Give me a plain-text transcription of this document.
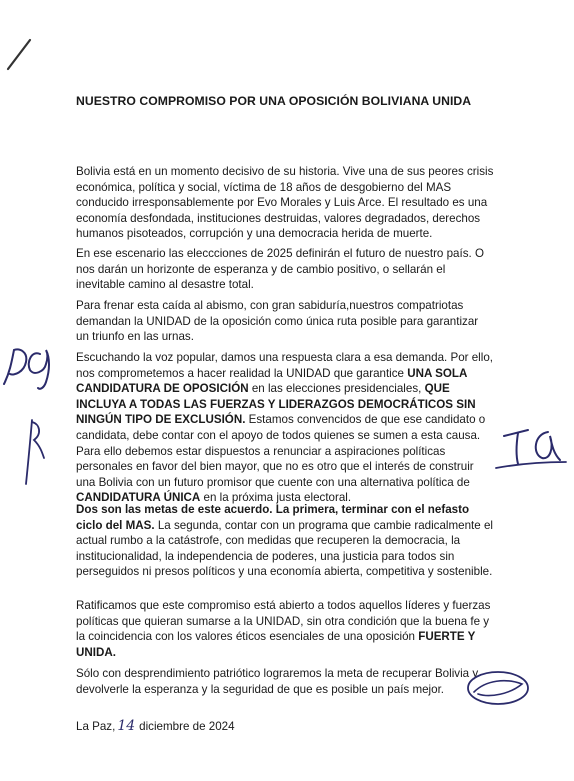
NUESTRO COMPROMISO POR UNA OPOSICIÓN BOLIVIANA UNIDA

Bolivia está en un momento decisivo de su historia. Vive una de sus peores crisis económica, política y social, víctima de 18 años de desgobierno del MAS conducido irresponsablemente por Evo Morales y Luis Arce. El resultado es una economía desfondada, instituciones destruidas, valores degradados, derechos humanos pisoteados, corrupción y una democracia herida de muerte.

En ese escenario las eleccciones de 2025 definirán el futuro de nuestro país. O nos darán un horizonte de esperanza y de cambio positivo, o sellarán el inevitable camino al desastre total.

Para frenar esta caída al abismo, con gran sabiduría,nuestros compatriotas demandan la UNIDAD de la oposición como única ruta posible para garantizar un triunfo en las urnas.

Escuchando la voz popular, damos una respuesta clara a esa demanda. Por ello, nos comprometemos a hacer realidad la UNIDAD que garantice UNA SOLA CANDIDATURA DE OPOSICIÓN en las elecciones presidenciales, QUE INCLUYA A TODAS LAS FUERZAS Y LIDERAZGOS DEMOCRÁTICOS SIN NINGÚN TIPO DE EXCLUSIÓN. Estamos convencidos de que ese candidato o candidata, debe contar con el apoyo de todos quienes se sumen a esta causa. Para ello debemos estar dispuestos a renunciar a aspiraciones políticas personales en favor del bien mayor, que no es otro que el interés de construir una Bolivia con un futuro promisor que cuente con una alternativa política de CANDIDATURA ÚNICA en la próxima justa electoral.

Dos son las metas de este acuerdo. La primera, terminar con el nefasto ciclo del MAS. La segunda, contar con un programa que cambie radicalmente el actual rumbo a la catástrofe, con medidas que recuperen la democracia, la institucionalidad, la independencia de poderes, una justicia para todos sin perseguidos ni presos políticos y una economía abierta, competitiva y sostenible.

Ratificamos que este compromiso está abierto a todos aquellos líderes y fuerzas políticas que quieran sumarse a la UNIDAD, sin otra condición que la buena fe y la coincidencia con los valores éticos esenciales de una oposición FUERTE Y UNIDA.

Sólo con desprendimiento patriótico lograremos la meta de recuperar Bolivia y devolverle la esperanza y la seguridad de que es posible un país mejor.

La Paz, 14 diciembre de 2024
